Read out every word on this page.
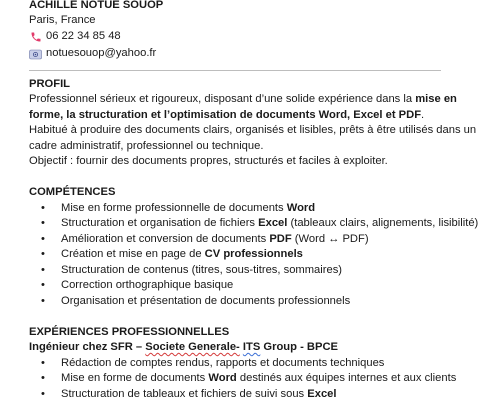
ACHILLE NOTUE SOUOP
Paris, France
06 22 34 85 48
notuesouop@yahoo.fr
PROFIL

Professionnel sérieux et rigoureux, disposant d’une solide expérience dans la mise en forme, la structuration et l’optimisation de documents Word, Excel et PDF.

Habitué à produire des documents clairs, organisés et lisibles, prêts à être utilisés dans un cadre administratif, professionnel ou technique.

Objectif : fournir des documents propres, structurés et faciles à exploiter.

COMPÉTENCES
• Mise en forme professionnelle de documents Word
• Structuration et organisation de fichiers Excel (tableaux clairs, alignements, lisibilité)
• Amélioration et conversion de documents PDF (Word ↔ PDF)
• Création et mise en page de CV professionnels
• Structuration de contenus (titres, sous-titres, sommaires)
• Correction orthographique basique
• Organisation et présentation de documents professionnels
EXPÉRIENCES PROFESSIONNELLES
Ingénieur chez SFR – Societe Generale- ITS Group - BPCE
• Rédaction de comptes rendus, rapports et documents techniques
• Mise en forme de documents Word destinés aux équipes internes et aux clients
• Structuration de tableaux et fichiers de suivi sous Excel
